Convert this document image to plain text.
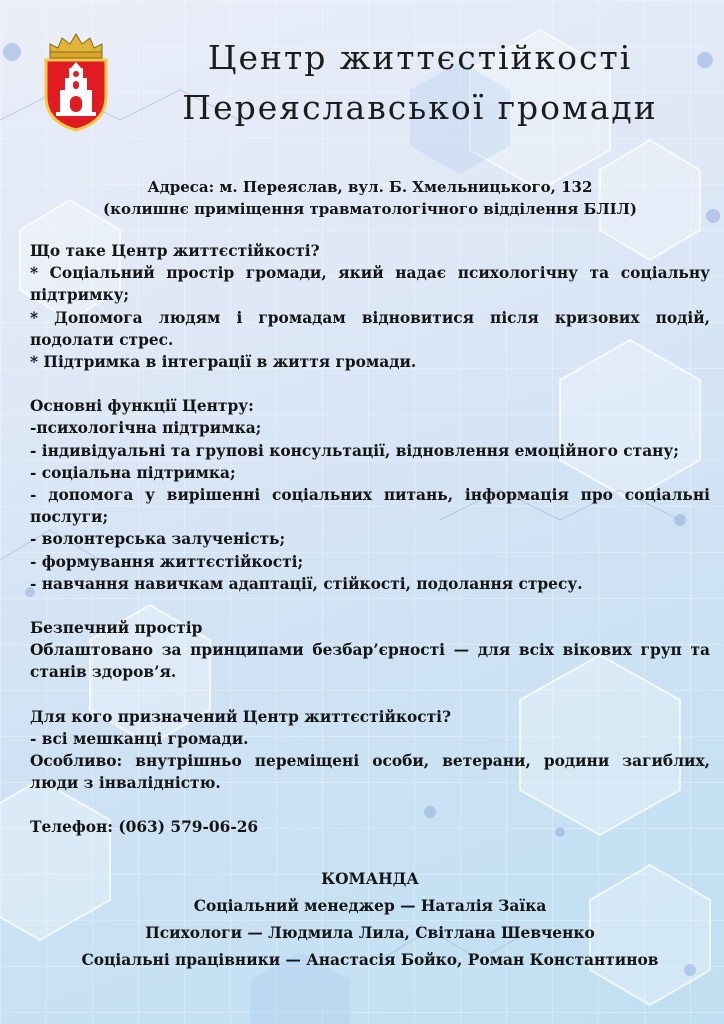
Центр життєстійкості
Переяславської громади
Адреса: м. Переяслав, вул. Б. Хмельницького, 132
(колишнє приміщення травматологічного відділення БЛІЛ)

Що таке Центр життєстійкості?

* Соціальний простір громади, який надає психологічну та соціальну підтримку;

* Допомога людям і громадам відновитися після кризових подій, подолати стрес.

* Підтримка в інтеграції в життя громади.

Основні функції Центру:

-психологічна підтримка;

- індивідуальні та групові консультації, відновлення емоційного стану;

- соціальна підтримка;

- допомога у вирішенні соціальних питань, інформація про соціальні послуги;

- волонтерська залученість;

- формування життєстійкості;

- навчання навичкам адаптації, стійкості, подолання стресу.

Безпечний простір

Облаштовано за принципами безбар’єрності — для всіх вікових груп та станів здоров’я.

Для кого призначений Центр життєстійкості?

- всі мешканці громади.

Особливо: внутрішньо переміщені особи, ветерани, родини загиблих, люди з інвалідністю.

Телефон: (063) 579-06-26

КОМАНДА
Соціальний менеджер — Наталія Заїка
Психологи — Людмила Лила, Світлана Шевченко
Соціальні працівники — Анастасія Бойко, Роман Константинов
